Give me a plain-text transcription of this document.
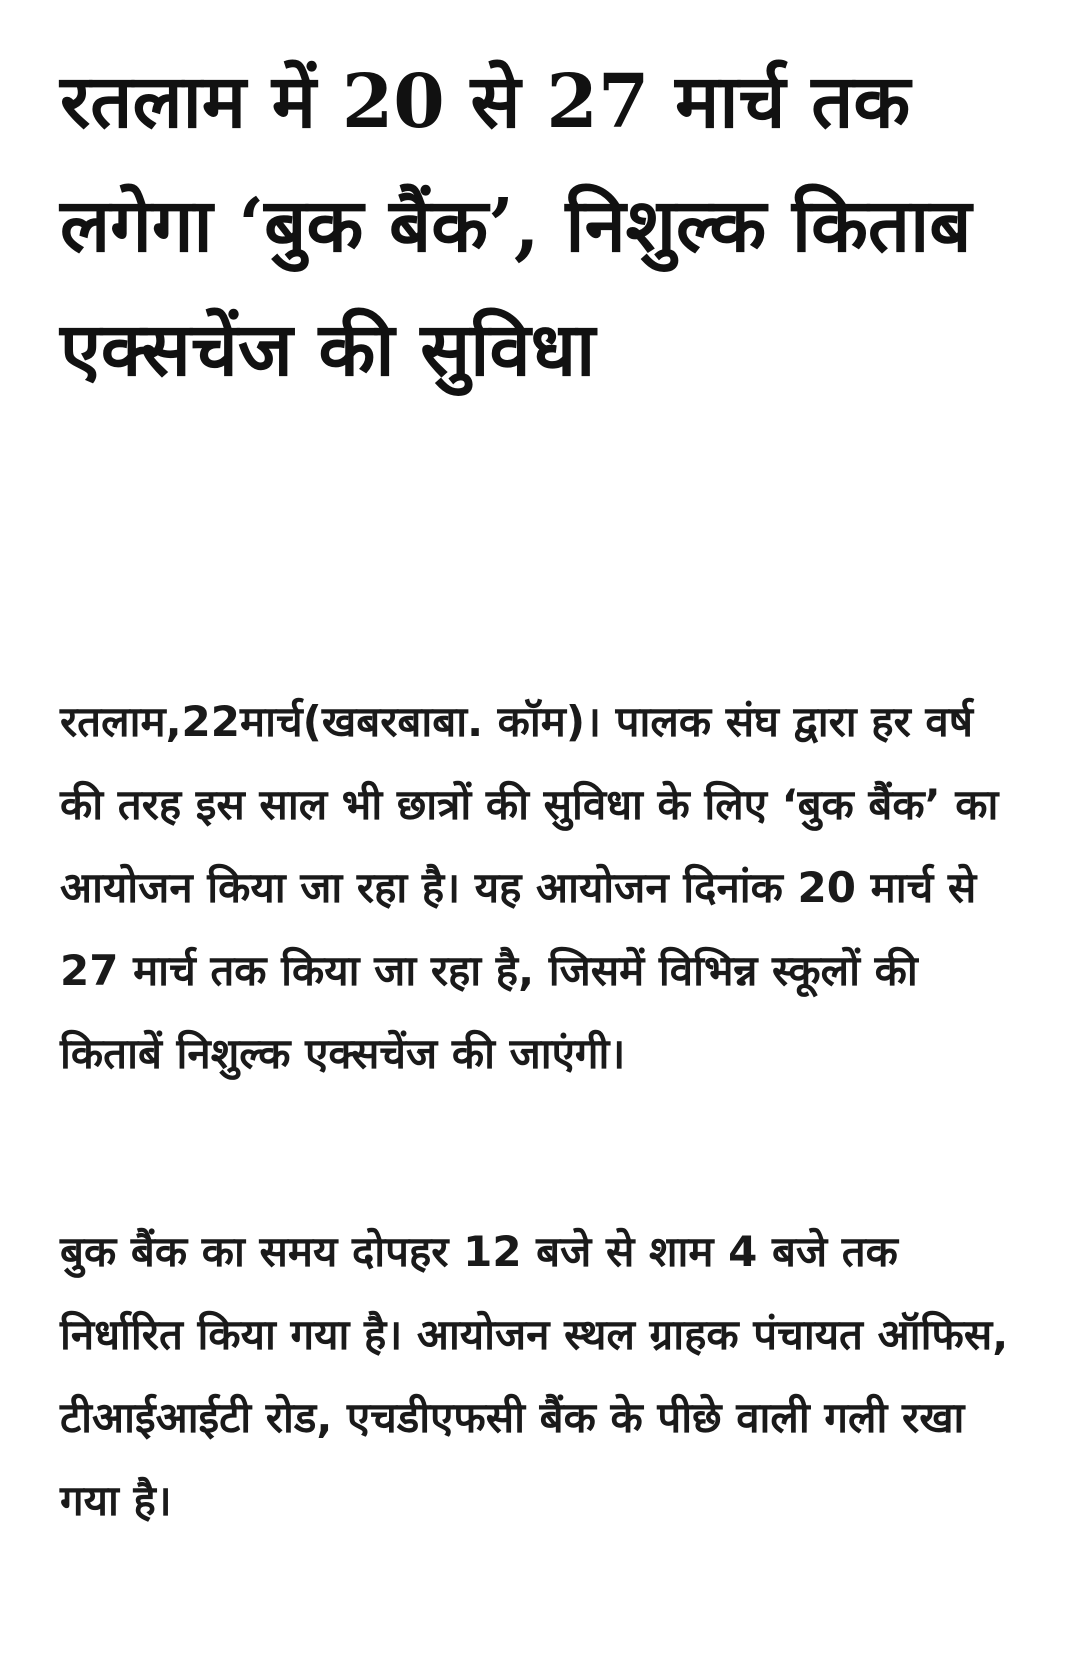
रतलाम में 20 से 27 मार्च तक लगेगा ‘बुक बैंक’, निशुल्क किताब एक्सचेंज की सुविधा

रतलाम,22मार्च(खबरबाबा. कॉम)। पालक संघ द्वारा हर वर्ष की तरह इस साल भी छात्रों की सुविधा के लिए ‘बुक बैंक’ का आयोजन किया जा रहा है। यह आयोजन दिनांक 20 मार्च से 27 मार्च तक किया जा रहा है, जिसमें विभिन्न स्कूलों की किताबें निशुल्क एक्सचेंज की जाएंगी।

बुक बैंक का समय दोपहर 12 बजे से शाम 4 बजे तक निर्धारित किया गया है। आयोजन स्थल ग्राहक पंचायत ऑफिस, टीआईआईटी रोड, एचडीएफसी बैंक के पीछे वाली गली रखा गया है।
